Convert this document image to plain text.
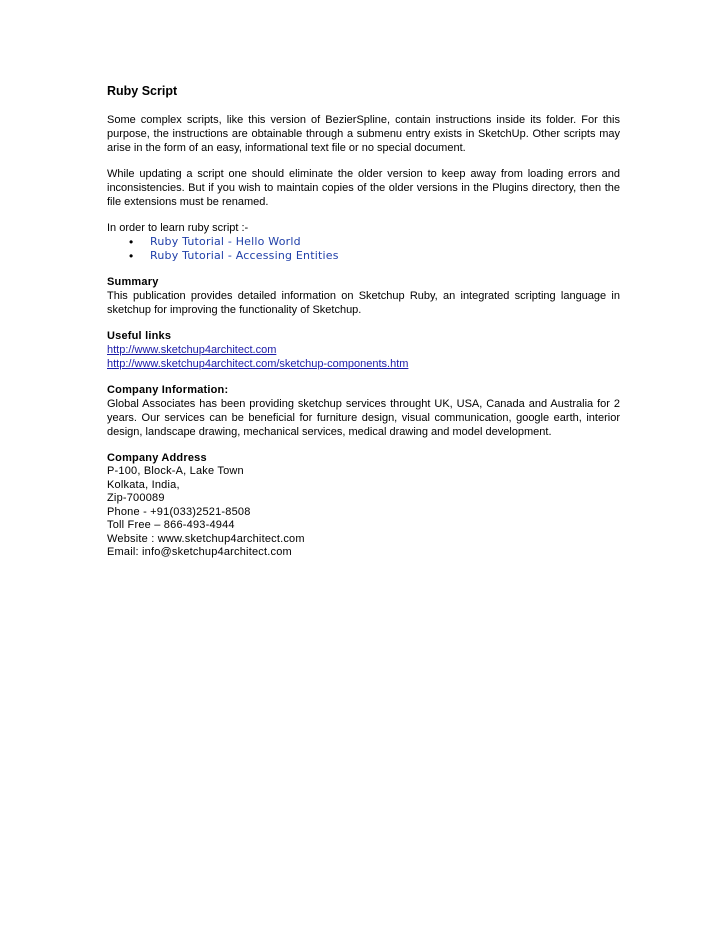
Ruby Script

Some complex scripts, like this version of BezierSpline, contain instructions inside its folder. For this purpose, the instructions are obtainable through a submenu entry exists in SketchUp. Other scripts may arise in the form of an easy, informational text file or no special document.

While updating a script one should eliminate the older version to keep away from loading errors and inconsistencies. But if you wish to maintain copies of the older versions in the Plugins directory, then the file extensions must be renamed.

In order to learn ruby script :-

• Ruby Tutorial - Hello World
• Ruby Tutorial - Accessing Entities
Summary

This publication provides detailed information on Sketchup Ruby, an integrated scripting language in sketchup for improving the functionality of Sketchup.

Useful links
http://www.sketchup4architect.com
http://www.sketchup4architect.com/sketchup-components.htm
Company Information:

Global Associates has been providing sketchup services throught UK, USA, Canada and Australia for 2 years. Our services can be beneficial for furniture design, visual communication, google earth, interior design, landscape drawing, mechanical services, medical drawing and model development.

Company Address
P-100, Block-A, Lake Town
Kolkata, India,
Zip-700089
Phone - +91(033)2521-8508
Toll Free – 866-493-4944
Website : www.sketchup4architect.com
Email: info@sketchup4architect.com
